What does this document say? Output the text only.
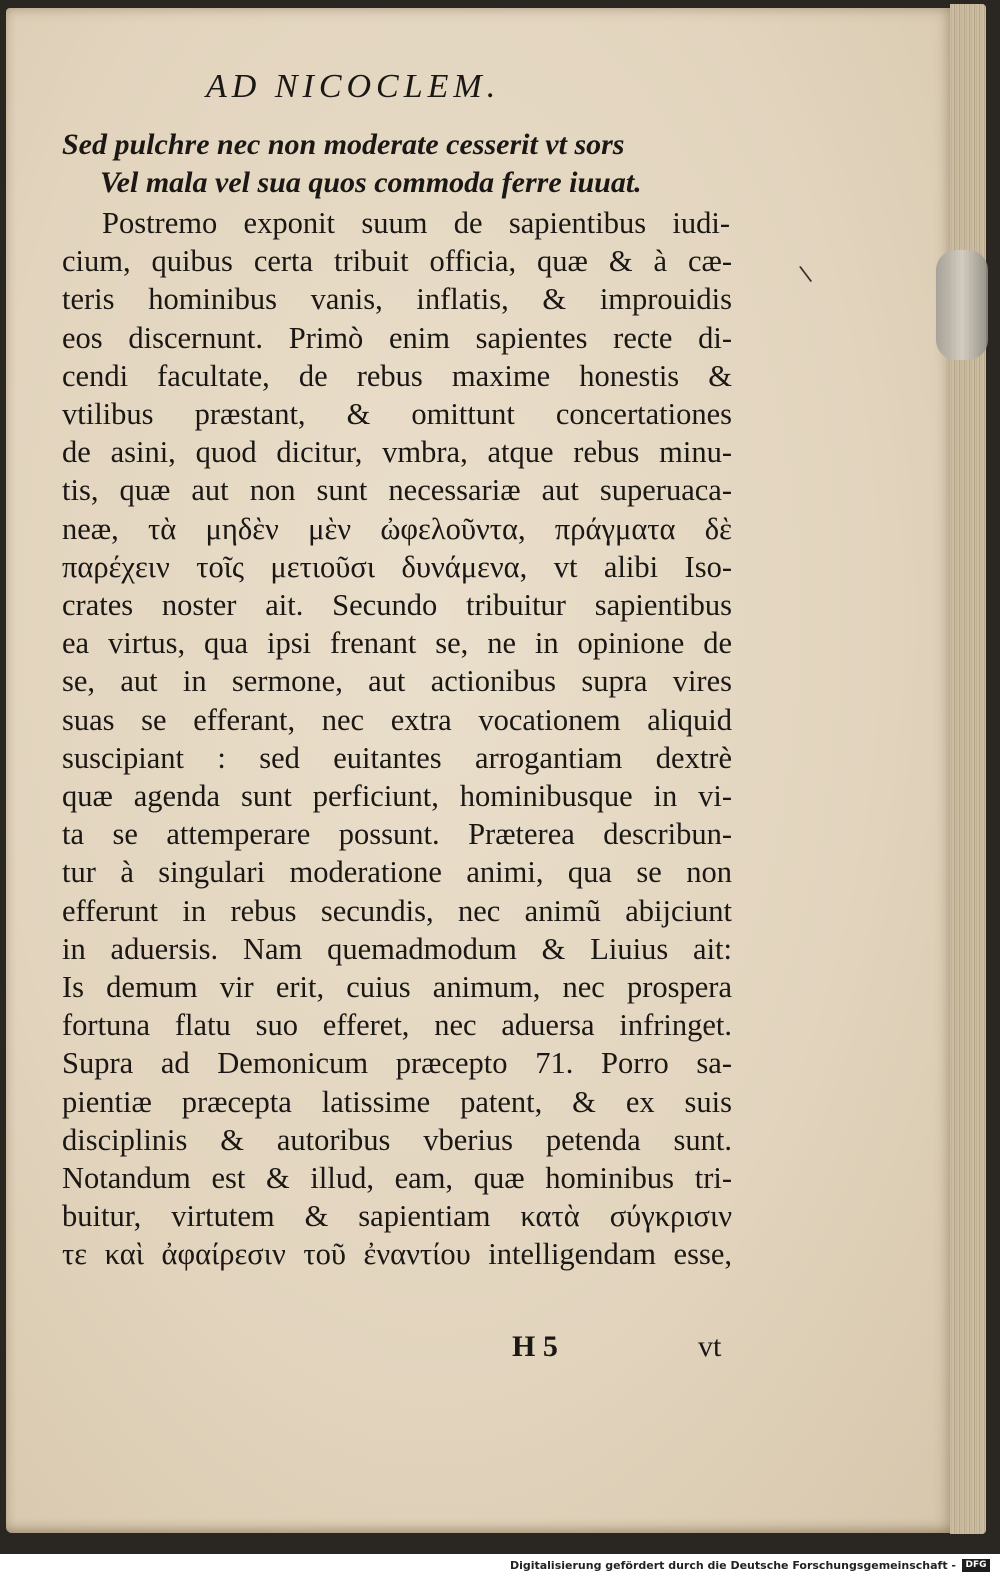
AD NICOCLEM.
Sed pulchre nec non moderate cesserit vt sors
Vel mala vel sua quos commoda ferre iuuat.
Postremo exponit suum de sapientibus iudi-
cium, quibus certa tribuit officia, quæ & à cæ-
teris hominibus vanis, inflatis, & improuidis
eos discernunt. Primò enim sapientes recte di-
cendi facultate, de rebus maxime honestis &
vtilibus præstant, & omittunt concertationes
de asini, quod dicitur, vmbra, atque rebus minu-
tis, quæ aut non sunt necessariæ aut superuaca-
neæ, τὰ μηδὲν μὲν ὠφελοῦντα, πράγματα δὲ
παρέχειν τοῖς μετιοῦσι δυνάμενα, vt alibi Iso-
crates noster ait. Secundo tribuitur sapientibus
ea virtus, qua ipsi frenant se, ne in opinione de
se, aut in sermone, aut actionibus supra vires
suas se efferant, nec extra vocationem aliquid
suscipiant : sed euitantes arrogantiam dextrè
quæ agenda sunt perficiunt, hominibusque in vi-
ta se attemperare possunt. Præterea describun-
tur à singulari moderatione animi, qua se non
efferunt in rebus secundis, nec animũ abijciunt
in aduersis. Nam quemadmodum & Liuius ait:
Is demum vir erit, cuius animum, nec prospera
fortuna flatu suo efferet, nec aduersa infringet.
Supra ad Demonicum præcepto 71. Porro sa-
pientiæ præcepta latissime patent, & ex suis
disciplinis & autoribus vberius petenda sunt.
Notandum est & illud, eam, quæ hominibus tri-
buitur, virtutem & sapientiam κατὰ σύγκρισιν
τε καὶ ἀφαίρεσιν τοῦ ἐναντίου intelligendam esse,
H 5	vt
\
Digitalisierung gefördert durch die Deutsche Forschungsgemeinschaft -	DFG
